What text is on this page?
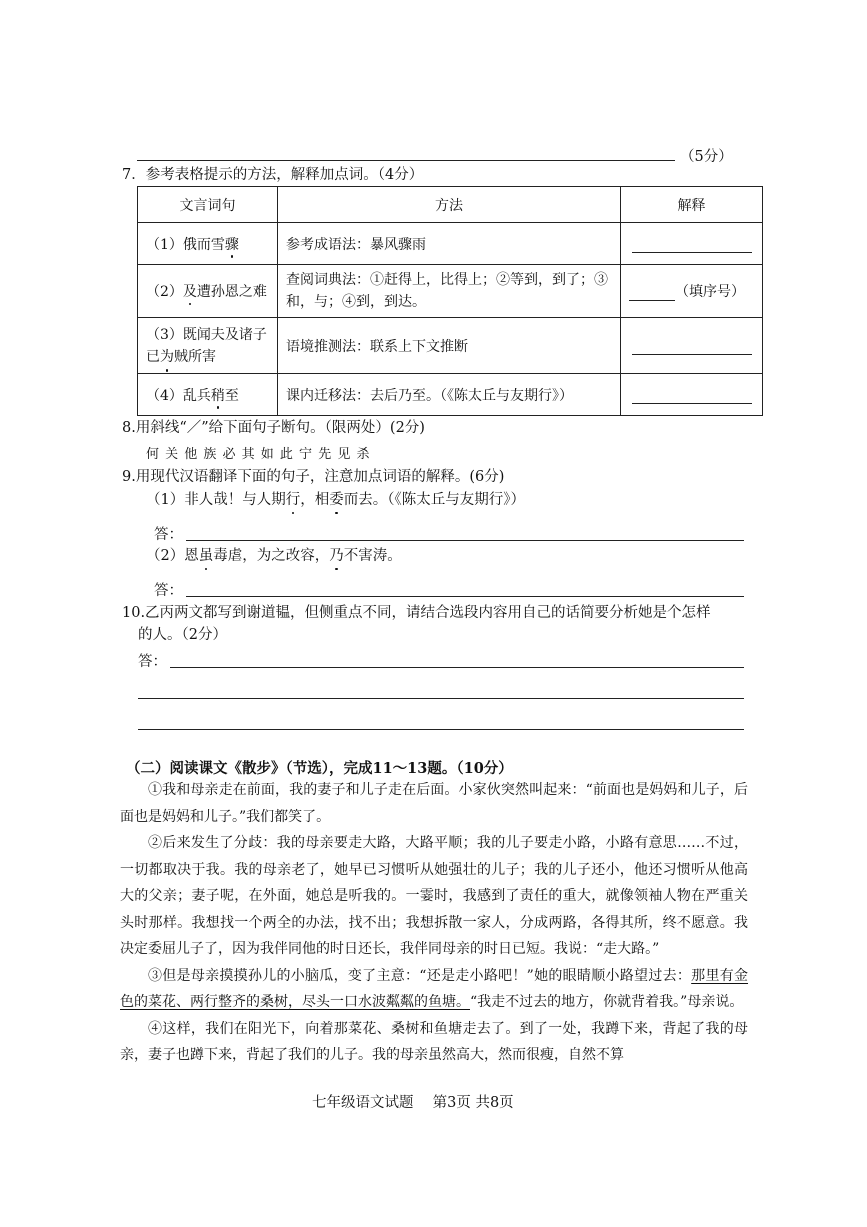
（5分）
7．参考表格提示的方法，解释加点词。（4分）
文言词句	方法	解释
（1）俄而雪骤	参考成语法：暴风骤雨	
（2）及遭孙恩之难	查阅词典法：①赶得上，比得上；②等到，到了；③和，与；④到，到达。	（填序号）
（3）既闻夫及诸子已为贼所害	语境推测法：联系上下文推断	
（4）乱兵稍至	课内迁移法：去后乃至。（《陈太丘与友期行》）	
8.用斜线“／”给下面句子断句。（限两处）(2分)
何 关 他 族 必 其 如 此 宁 先 见 杀
9.用现代汉语翻译下面的句子，注意加点词语的解释。(6分)
（1）非人哉！与人期行，相委而去。（《陈太丘与友期行》）
答：
（2）恩虽毒虐，为之改容，乃不害涛。
答：
10.乙丙两文都写到谢道韫，但侧重点不同，请结合选段内容用自己的话简要分析她是个怎样
的人。（2分）
答：
（二）阅读课文《散步》（节选），完成11～13题。（10分）

①我和母亲走在前面，我的妻子和儿子走在后面。小家伙突然叫起来：“前面也是妈妈和儿子，后面也是妈妈和儿子。”我们都笑了。

②后来发生了分歧：我的母亲要走大路，大路平顺；我的儿子要走小路，小路有意思……不过，一切都取决于我。我的母亲老了，她早已习惯听从她强壮的儿子；我的儿子还小，他还习惯听从他高大的父亲；妻子呢，在外面，她总是听我的。一霎时，我感到了责任的重大，就像领袖人物在严重关头时那样。我想找一个两全的办法，找不出；我想拆散一家人，分成两路，各得其所，终不愿意。我决定委屈儿子了，因为我伴同他的时日还长，我伴同母亲的时日已短。我说：“走大路。”

③但是母亲摸摸孙儿的小脑瓜，变了主意：“还是走小路吧！”她的眼睛顺小路望过去：那里有金色的菜花、两行整齐的桑树，尽头一口水波粼粼的鱼塘。“我走不过去的地方，你就背着我。”母亲说。

④这样，我们在阳光下，向着那菜花、桑树和鱼塘走去了。到了一处，我蹲下来，背起了我的母亲，妻子也蹲下来，背起了我们的儿子。我的母亲虽然高大，然而很瘦，自然不算

七年级语文试题　 第3页 共8页
